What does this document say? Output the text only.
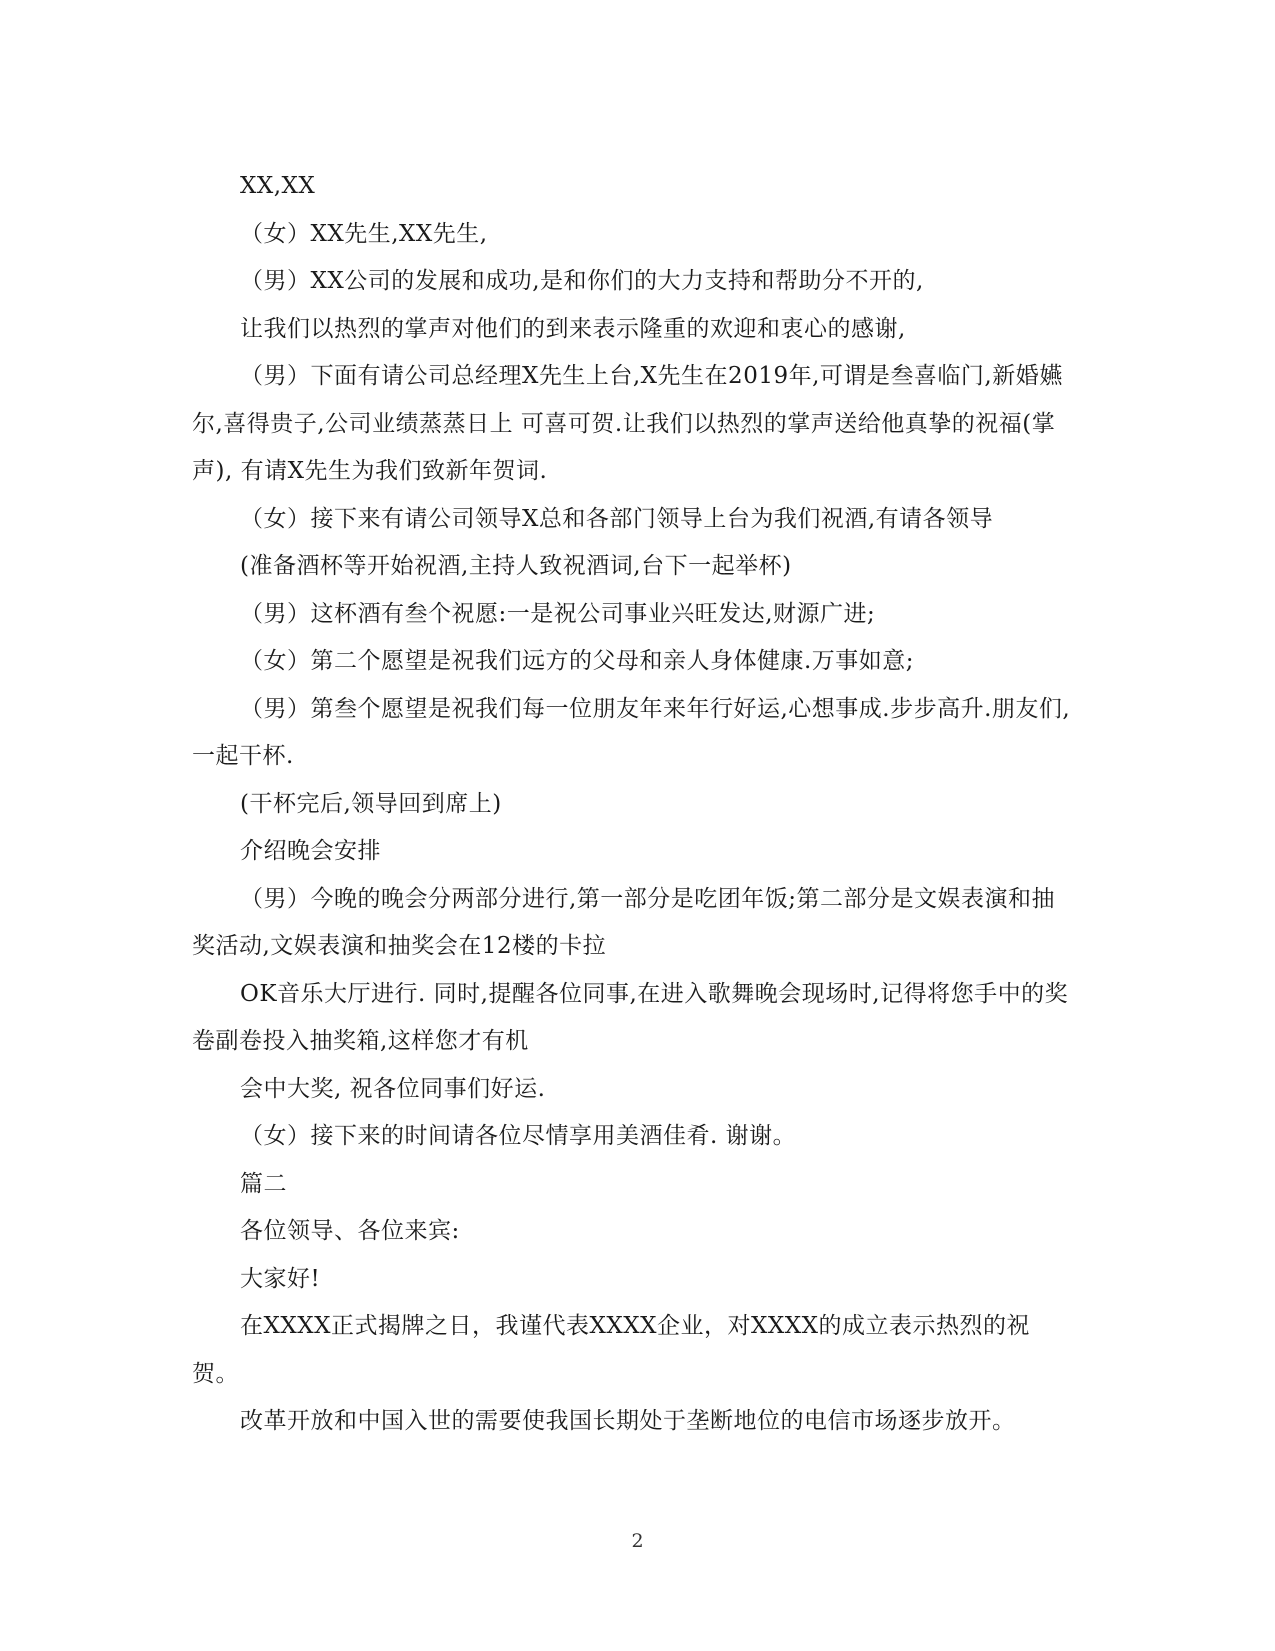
XX,XX

（女）XX先生,XX先生,

（男）XX公司的发展和成功,是和你们的大力支持和帮助分不开的,

让我们以热烈的掌声对他们的到来表示隆重的欢迎和衷心的感谢,

（男）下面有请公司总经理X先生上台,X先生在2019年,可谓是叁喜临门,新婚嬿尔,喜得贵子,公司业绩蒸蒸日上 可喜可贺.让我们以热烈的掌声送给他真挚的祝福(掌声), 有请X先生为我们致新年贺词.

（女）接下来有请公司领导X总和各部门领导上台为我们祝酒,有请各领导

(准备酒杯等开始祝酒,主持人致祝酒词,台下一起举杯)

（男）这杯酒有叁个祝愿:一是祝公司事业兴旺发达,财源广进;

（女）第二个愿望是祝我们远方的父母和亲人身体健康.万事如意;

（男）第叁个愿望是祝我们每一位朋友年来年行好运,心想事成.步步高升.朋友们,一起干杯.

(干杯完后,领导回到席上)

介绍晚会安排

（男）今晚的晚会分两部分进行,第一部分是吃团年饭;第二部分是文娱表演和抽奖活动,文娱表演和抽奖会在12楼的卡拉

OK音乐大厅进行. 同时,提醒各位同事,在进入歌舞晚会现场时,记得将您手中的奖卷副卷投入抽奖箱,这样您才有机

会中大奖, 祝各位同事们好运.

（女）接下来的时间请各位尽情享用美酒佳肴. 谢谢。

篇二

各位领导、各位来宾:

大家好!

在XXXX正式揭牌之日，我谨代表XXXX企业，对XXXX的成立表示热烈的祝贺。

改革开放和中国入世的需要使我国长期处于垄断地位的电信市场逐步放开。

2
